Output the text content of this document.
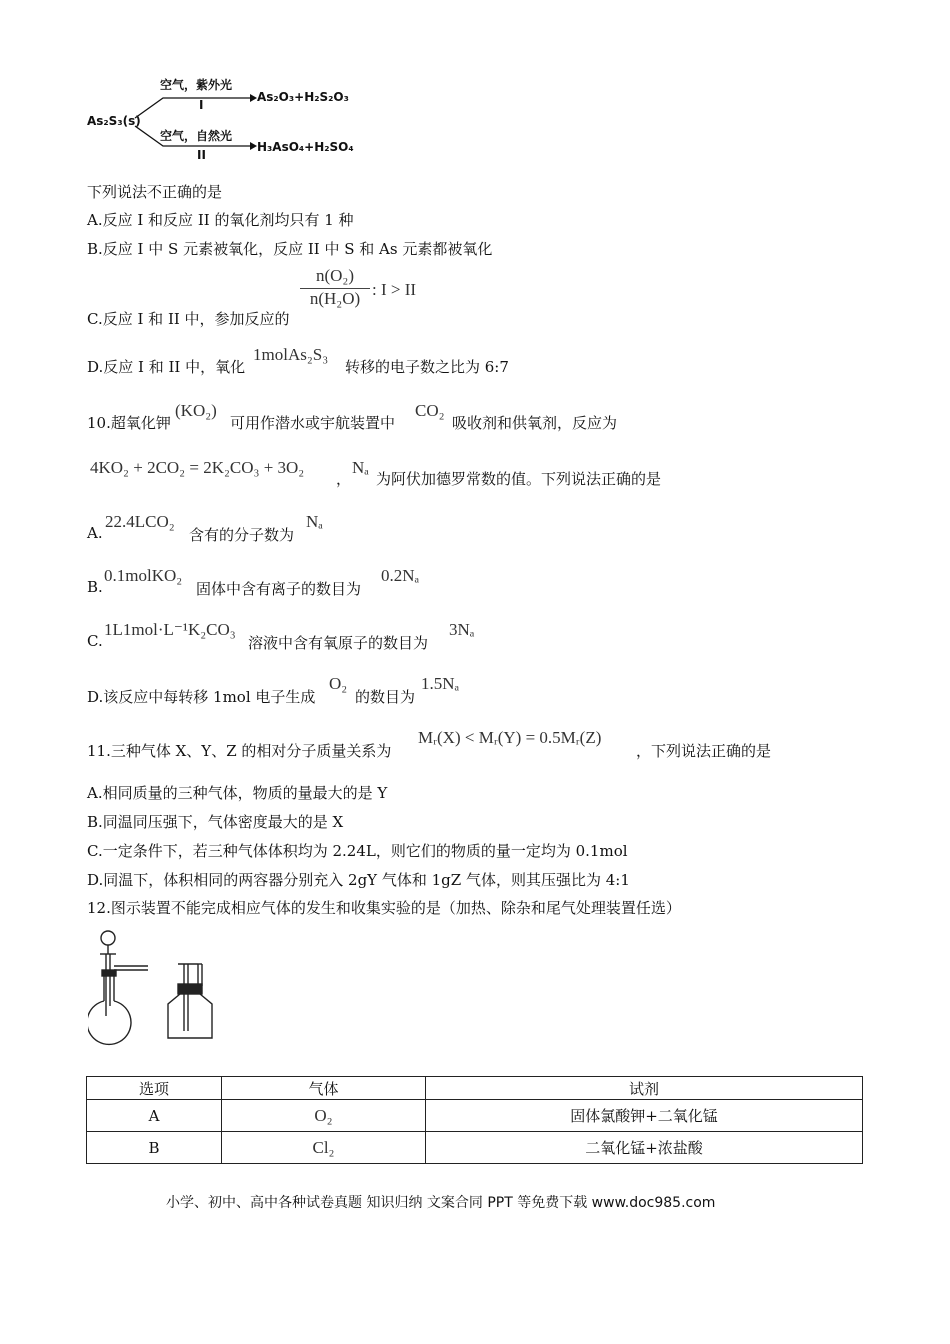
As₂S₃(s)
空气，紫外光
I
As₂O₃+H₂S₂O₃
空气，自然光
II
H₃AsO₄+H₂SO₄
下列说法不正确的是
A.反应 I 和反应 II 的氧化剂均只有 1 种
B.反应 I 中 S 元素被氧化，反应 II 中 S 和 As 元素都被氧化
C.反应 I 和 II 中，参加反应的
$\frac{\text{n(O₂)}}{\text{n(H₂O)}}$ : I > II
D.反应 I 和 II 中，氧化
1molAs₂S₃
转移的电子数之比为 6:7
10.超氧化钾
(KO₂)
可用作潜水或宇航装置中
CO₂
吸收剂和供氧剂，反应为
4KO₂ + 2CO₂ = 2K₂CO₃ + 3O₂
，
Nₐ
为阿伏加德罗常数的值。下列说法正确的是
A.
22.4LCO₂
含有的分子数为
Nₐ
B.
0.1molKO₂
固体中含有离子的数目为
0.2Nₐ
C.
1L1mol·L⁻¹K₂CO₃
溶液中含有氧原子的数目为
3Nₐ
D.该反应中每转移 1mol 电子生成
O₂
的数目为
1.5Nₐ
11.三种气体 X、Y、Z 的相对分子质量关系为
Mᵣ(X) < Mᵣ(Y) = 0.5Mᵣ(Z)
，下列说法正确的是
A.相同质量的三种气体，物质的量最大的是 Y
B.同温同压强下，气体密度最大的是 X
C.一定条件下，若三种气体体积均为 2.24L，则它们的物质的量一定均为 0.1mol
D.同温下，体积相同的两容器分别充入 2gY 气体和 1gZ 气体，则其压强比为 4:1
12.图示装置不能完成相应气体的发生和收集实验的是（加热、除杂和尾气处理装置任选）
选项	气体	试剂
A	O₂	固体氯酸钾+二氧化锰
B	Cl₂	二氧化锰+浓盐酸
小学、初中、高中各种试卷真题 知识归纳 文案合同 PPT 等免费下载 www.doc985.com
